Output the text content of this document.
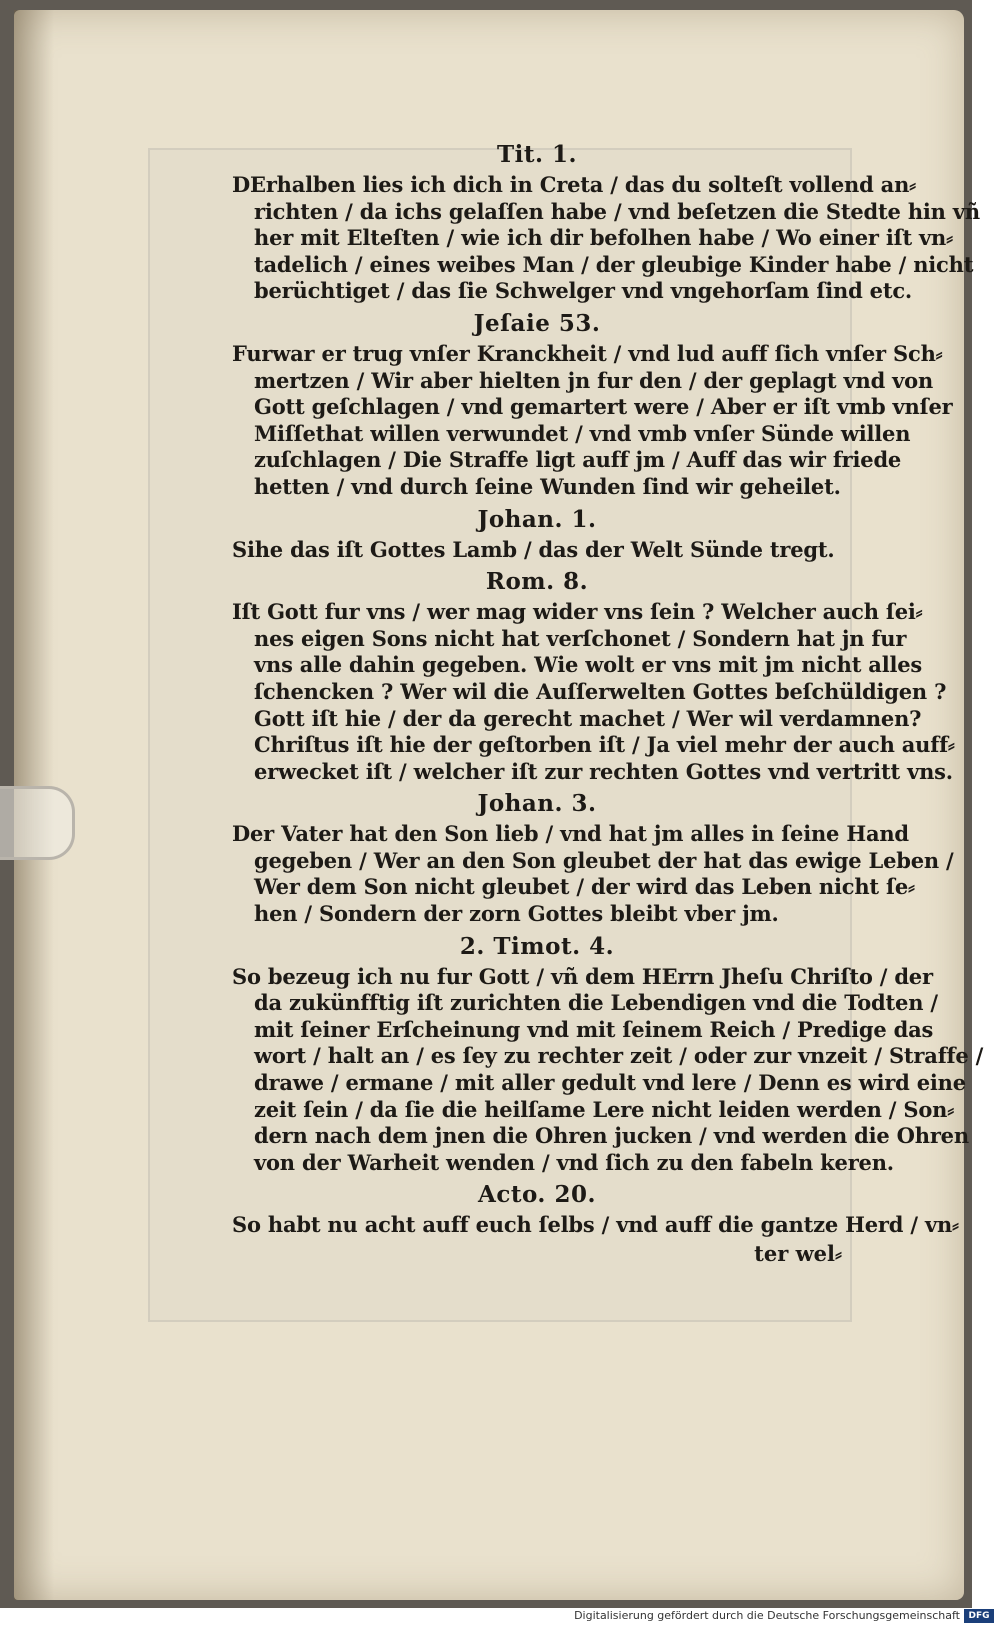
Tit. 1.
DErhalben lies ich dich in Creta / das du solteſt vollend an⸗
richten / da ichs gelaſſen habe / vnd beſetzen die Stedte hin vñ
her mit Elteſten / wie ich dir befolhen habe / Wo einer iſt vn⸗
tadelich / eines weibes Man / der gleubige Kinder habe / nicht
berüchtiget / das ſie Schwelger vnd vngehorſam ſind etc.
Jeſaie 53.
Furwar er trug vnſer Kranckheit / vnd lud auff ſich vnſer Sch⸗
mertzen / Wir aber hielten jn fur den / der geplagt vnd von
Gott geſchlagen / vnd gemartert were / Aber er iſt vmb vnſer
Miſſethat willen verwundet / vnd vmb vnſer Sünde willen
zuſchlagen / Die Straffe ligt auff jm / Auff das wir friede
hetten / vnd durch ſeine Wunden ſind wir geheilet.
Johan. 1.
Sihe das iſt Gottes Lamb / das der Welt Sünde tregt.
Rom. 8.
Iſt Gott fur vns / wer mag wider vns ſein ? Welcher auch ſei⸗
nes eigen Sons nicht hat verſchonet / Sondern hat jn fur
vns alle dahin gegeben. Wie wolt er vns mit jm nicht alles
ſchencken ? Wer wil die Auſſerwelten Gottes beſchüldigen ?
Gott iſt hie / der da gerecht machet / Wer wil verdamnen?
Chriſtus iſt hie der geſtorben iſt / Ja viel mehr der auch auff⸗
erwecket iſt / welcher iſt zur rechten Gottes vnd vertritt vns.
Johan. 3.
Der Vater hat den Son lieb / vnd hat jm alles in ſeine Hand
gegeben / Wer an den Son gleubet der hat das ewige Leben /
Wer dem Son nicht gleubet / der wird das Leben nicht ſe⸗
hen / Sondern der zorn Gottes bleibt vber jm.
2. Timot. 4.
So bezeug ich nu fur Gott / vñ dem HErrn Jheſu Chriſto / der
da zukünfftig iſt zurichten die Lebendigen vnd die Todten /
mit ſeiner Erſcheinung vnd mit ſeinem Reich / Predige das
wort / halt an / es ſey zu rechter zeit / oder zur vnzeit / Straffe /
drawe / ermane / mit aller gedult vnd lere / Denn es wird eine
zeit ſein / da ſie die heilſame Lere nicht leiden werden / Son⸗
dern nach dem jnen die Ohren jucken / vnd werden die Ohren
von der Warheit wenden / vnd ſich zu den fabeln keren.
Acto. 20.
So habt nu acht auff euch ſelbs / vnd auff die gantze Herd / vn⸗
ter wel⸗
Digitalisierung gefördert durch die Deutsche Forschungsgemeinschaft DFG
